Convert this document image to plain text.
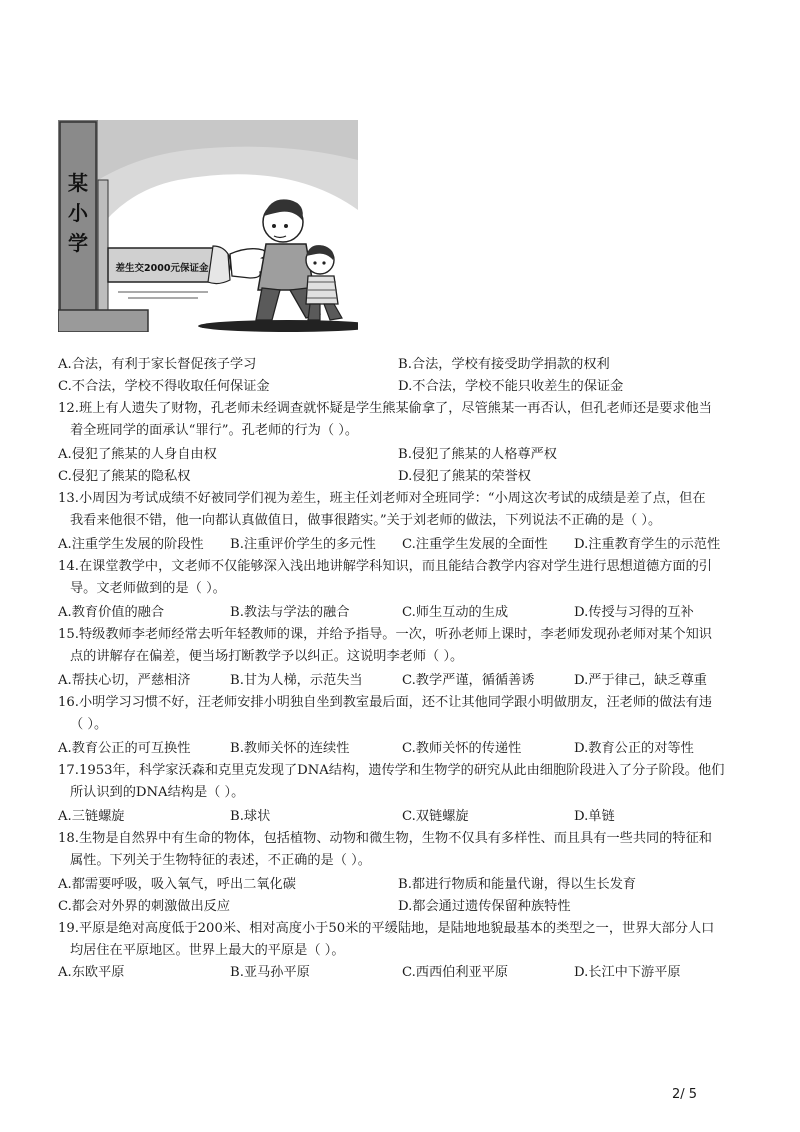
某
小
学
差生交2000元保证金
A.合法，有利于家长督促孩子学习	B.合法，学校有接受助学捐款的权利
C.不合法，学校不得收取任何保证金	D.不合法，学校不能只收差生的保证金
12.班上有人遗失了财物，孔老师未经调查就怀疑是学生熊某偷拿了，尽管熊某一再否认，但孔老师还是要求他当
着全班同学的面承认“罪行”。孔老师的行为（ ）。
A.侵犯了熊某的人身自由权	B.侵犯了熊某的人格尊严权
C.侵犯了熊某的隐私权	D.侵犯了熊某的荣誉权
13.小周因为考试成绩不好被同学们视为差生，班主任刘老师对全班同学：“小周这次考试的成绩是差了点，但在
我看来他很不错，他一向都认真做值日，做事很踏实。”关于刘老师的做法，下列说法不正确的是（ ）。
A.注重学生发展的阶段性	B.注重评价学生的多元性	C.注重学生发展的全面性	D.注重教育学生的示范性
14.在课堂教学中，文老师不仅能够深入浅出地讲解学科知识，而且能结合教学内容对学生进行思想道德方面的引
导。文老师做到的是（ ）。
A.教育价值的融合	B.教法与学法的融合	C.师生互动的生成	D.传授与习得的互补
15.特级教师李老师经常去听年轻教师的课，并给予指导。一次，听孙老师上课时，李老师发现孙老师对某个知识
点的讲解存在偏差，便当场打断教学予以纠正。这说明李老师（ ）。
A.帮扶心切，严慈相济	B.甘为人梯，示范失当	C.教学严谨，循循善诱	D.严于律己，缺乏尊重
16.小明学习习惯不好，汪老师安排小明独自坐到教室最后面，还不让其他同学跟小明做朋友，汪老师的做法有违
（ ）。
A.教育公正的可互换性	B.教师关怀的连续性	C.教师关怀的传递性	D.教育公正的对等性
17.1953年，科学家沃森和克里克发现了DNA结构，遗传学和生物学的研究从此由细胞阶段进入了分子阶段。他们
所认识到的DNA结构是（ ）。
A.三链螺旋	B.球状	C.双链螺旋	D.单链
18.生物是自然界中有生命的物体，包括植物、动物和微生物，生物不仅具有多样性、而且具有一些共同的特征和
属性。下列关于生物特征的表述，不正确的是（ ）。
A.都需要呼吸，吸入氧气，呼出二氧化碳	B.都进行物质和能量代谢，得以生长发育
C.都会对外界的刺激做出反应	D.都会通过遗传保留种族特性
19.平原是绝对高度低于200米、相对高度小于50米的平缓陆地，是陆地地貌最基本的类型之一，世界大部分人口
均居住在平原地区。世界上最大的平原是（ ）。
A.东欧平原	B.亚马孙平原	C.西西伯利亚平原	D.长江中下游平原
2/ 5
